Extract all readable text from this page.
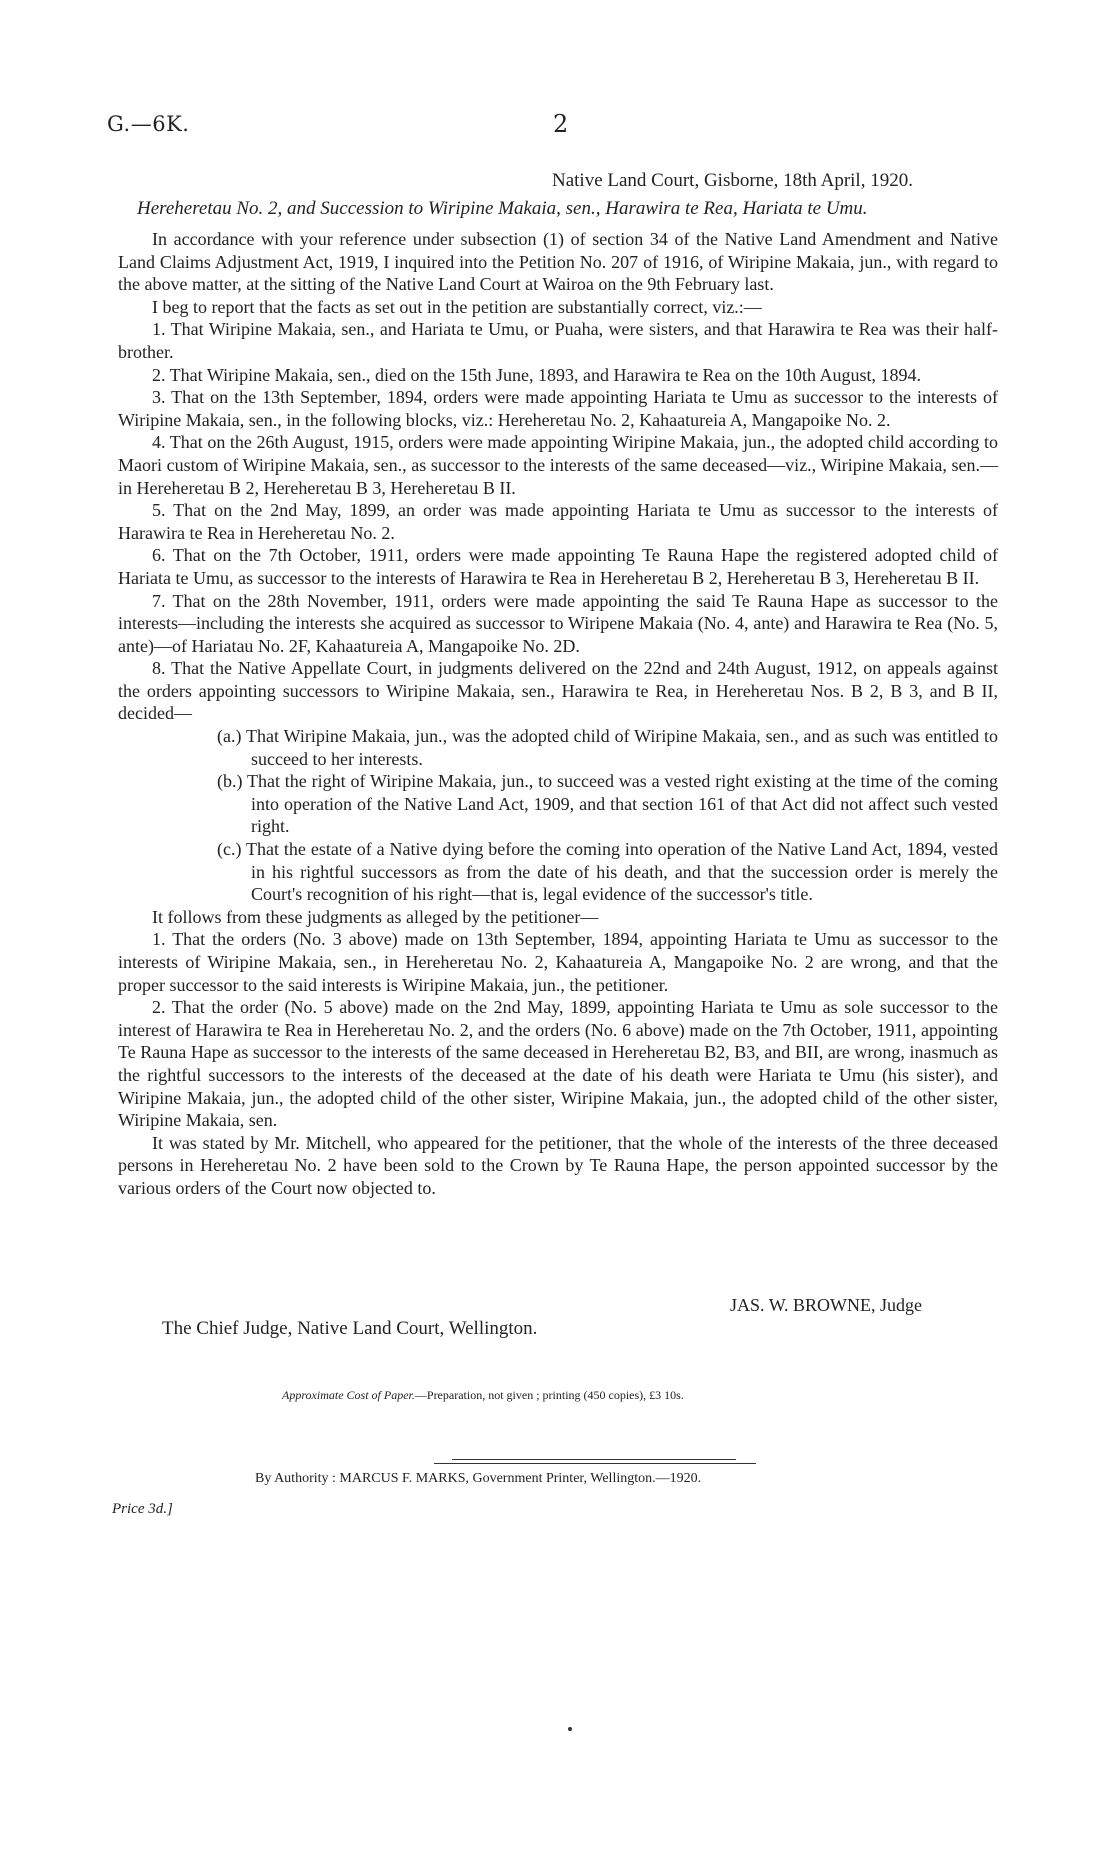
G.—6K.	2
Native Land Court, Gisborne, 18th April, 1920.
Hereheretau No. 2, and Succession to Wiripine Makaia, sen., Harawira te Rea, Hariata te Umu.

In accordance with your reference under subsection (1) of section 34 of the Native Land Amendment and Native Land Claims Adjustment Act, 1919, I inquired into the Petition No. 207 of 1916, of Wiripine Makaia, jun., with regard to the above matter, at the sitting of the Native Land Court at Wairoa on the 9th February last.

I beg to report that the facts as set out in the petition are substantially correct, viz.:—

1. That Wiripine Makaia, sen., and Hariata te Umu, or Puaha, were sisters, and that Harawira te Rea was their half-brother.

2. That Wiripine Makaia, sen., died on the 15th June, 1893, and Harawira te Rea on the 10th August, 1894.

3. That on the 13th September, 1894, orders were made appointing Hariata te Umu as successor to the interests of Wiripine Makaia, sen., in the following blocks, viz.: Hereheretau No. 2, Kahaatureia A, Mangapoike No. 2.

4. That on the 26th August, 1915, orders were made appointing Wiripine Makaia, jun., the adopted child according to Maori custom of Wiripine Makaia, sen., as successor to the interests of the same deceased—viz., Wiripine Makaia, sen.—in Hereheretau B 2, Hereheretau B 3, Hereheretau B II.

5. That on the 2nd May, 1899, an order was made appointing Hariata te Umu as successor to the interests of Harawira te Rea in Hereheretau No. 2.

6. That on the 7th October, 1911, orders were made appointing Te Rauna Hape the registered adopted child of Hariata te Umu, as successor to the interests of Harawira te Rea in Hereheretau B 2, Hereheretau B 3, Hereheretau B II.

7. That on the 28th November, 1911, orders were made appointing the said Te Rauna Hape as successor to the interests—including the interests she acquired as successor to Wiripene Makaia (No. 4, ante) and Harawira te Rea (No. 5, ante)—of Hariatau No. 2F, Kahaatureia A, Mangapoike No. 2D.

8. That the Native Appellate Court, in judgments delivered on the 22nd and 24th August, 1912, on appeals against the orders appointing successors to Wiripine Makaia, sen., Harawira te Rea, in Hereheretau Nos. B 2, B 3, and B II, decided—

(a.) That Wiripine Makaia, jun., was the adopted child of Wiripine Makaia, sen., and as such was entitled to succeed to her interests.

(b.) That the right of Wiripine Makaia, jun., to succeed was a vested right existing at the time of the coming into operation of the Native Land Act, 1909, and that section 161 of that Act did not affect such vested right.

(c.) That the estate of a Native dying before the coming into operation of the Native Land Act, 1894, vested in his rightful successors as from the date of his death, and that the succession order is merely the Court's recognition of his right—that is, legal evidence of the successor's title.

It follows from these judgments as alleged by the petitioner—

1. That the orders (No. 3 above) made on 13th September, 1894, appointing Hariata te Umu as successor to the interests of Wiripine Makaia, sen., in Hereheretau No. 2, Kahaatureia A, Mangapoike No. 2 are wrong, and that the proper successor to the said interests is Wiripine Makaia, jun., the petitioner.

2. That the order (No. 5 above) made on the 2nd May, 1899, appointing Hariata te Umu as sole successor to the interest of Harawira te Rea in Hereheretau No. 2, and the orders (No. 6 above) made on the 7th October, 1911, appointing Te Rauna Hape as successor to the interests of the same deceased in Hereheretau B2, B3, and BII, are wrong, inasmuch as the rightful successors to the interests of the deceased at the date of his death were Hariata te Umu (his sister), and Wiripine Makaia, jun., the adopted child of the other sister, Wiripine Makaia, jun., the adopted child of the other sister, Wiripine Makaia, sen.

It was stated by Mr. Mitchell, who appeared for the petitioner, that the whole of the interests of the three deceased persons in Hereheretau No. 2 have been sold to the Crown by Te Rauna Hape, the person appointed successor by the various orders of the Court now objected to.

JAS. W. BROWNE, Judge
The Chief Judge, Native Land Court, Wellington.
Approximate Cost of Paper.—Preparation, not given ; printing (450 copies), £3 10s.
By Authority : MARCUS F. MARKS, Government Printer, Wellington.—1920.
Price 3d.]
